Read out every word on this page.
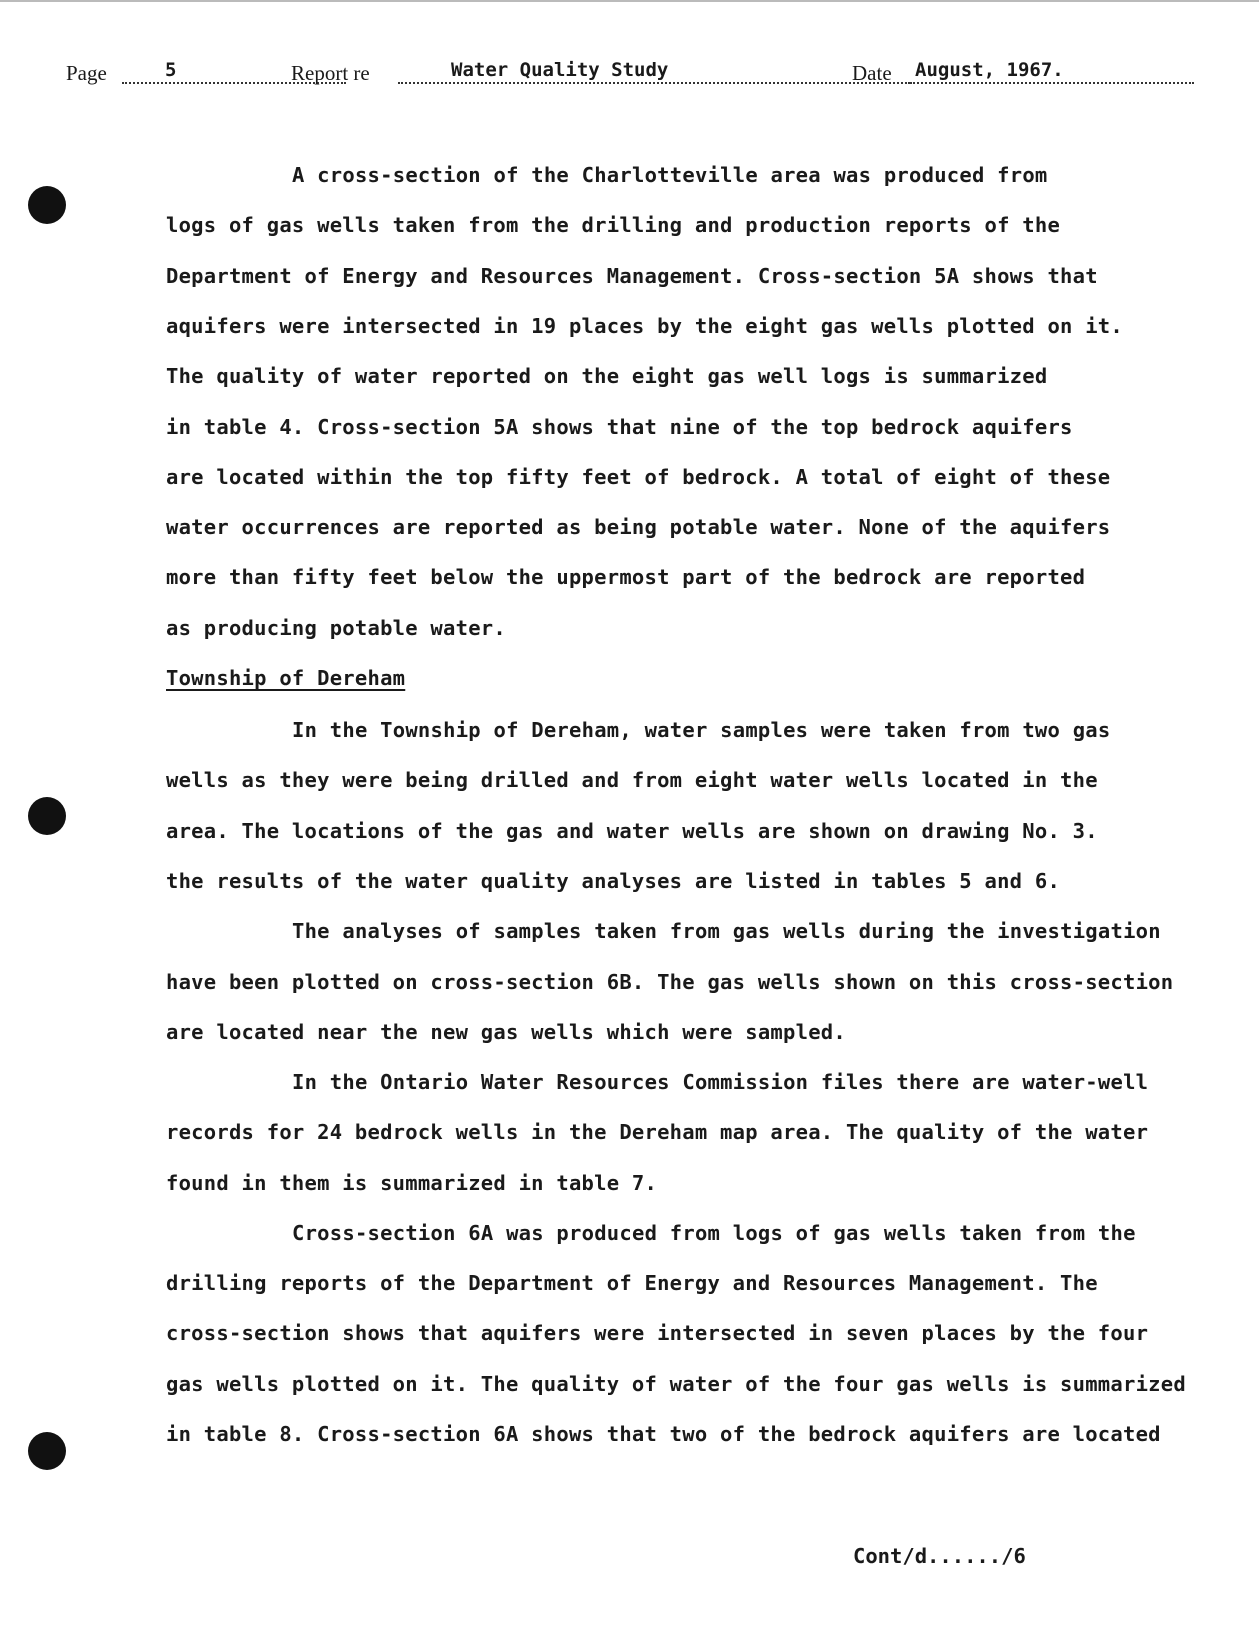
Page	5	Report re	Water Quality Study	Date August, 1967.
A cross-section of the Charlotteville area was produced from
logs of gas wells taken from the drilling and production reports of the
Department of Energy and Resources Management. Cross-section 5A shows that
aquifers were intersected in 19 places by the eight gas wells plotted on it.
The quality of water reported on the eight gas well logs is summarized
in table 4. Cross-section 5A shows that nine of the top bedrock aquifers
are located within the top fifty feet of bedrock. A total of eight of these
water occurrences are reported as being potable water. None of the aquifers
more than fifty feet below the uppermost part of the bedrock are reported
as producing potable water.
Township of Dereham
In the Township of Dereham, water samples were taken from two gas
wells as they were being drilled and from eight water wells located in the
area. The locations of the gas and water wells are shown on drawing No. 3.
the results of the water quality analyses are listed in tables 5 and 6.
The analyses of samples taken from gas wells during the investigation
have been plotted on cross-section 6B. The gas wells shown on this cross-section
are located near the new gas wells which were sampled.
In the Ontario Water Resources Commission files there are water-well
records for 24 bedrock wells in the Dereham map area. The quality of the water
found in them is summarized in table 7.
Cross-section 6A was produced from logs of gas wells taken from the
drilling reports of the Department of Energy and Resources Management. The
cross-section shows that aquifers were intersected in seven places by the four
gas wells plotted on it. The quality of water of the four gas wells is summarized
in table 8. Cross-section 6A shows that two of the bedrock aquifers are located
Cont/d....../6
